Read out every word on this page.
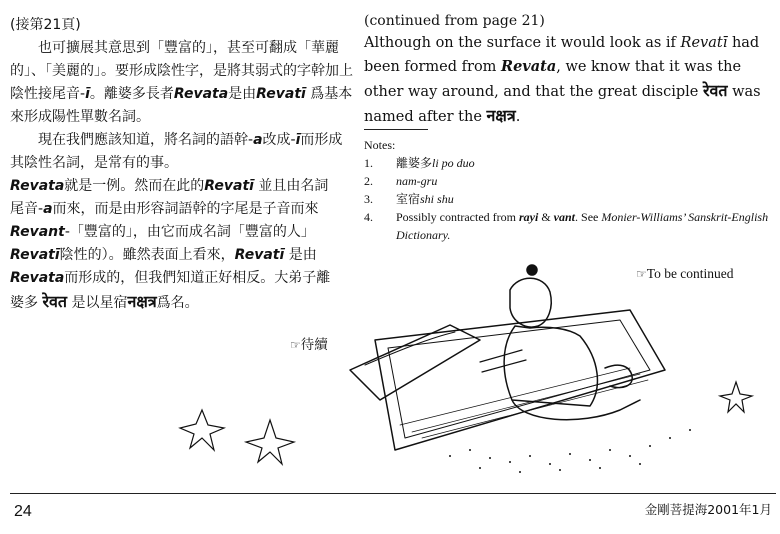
(接第21頁)

也可擴展其意思到「豐富的」，甚至可翻成「華麗的」、「美麗的」。要形成陰性字，是將其弱式的字幹加上陰性接尾音-ī。離婆多長者Revata是由Revatī 爲基本來形成陽性單數名詞。

現在我們應該知道，將名詞的語幹-a改成-ī而形成其陰性名詞，是常有的事。

Revata就是一例。然而在此的Revatī 並且由名詞尾音-a而來，而是由形容詞語幹的字尾是子音而來Revant-「豐富的」，由它而成名詞「豐富的人」Revatī陰性的）。雖然表面上看來，Revatī 是由Revata而形成的，但我們知道正好相反。大弟子離婆多 रेवत 是以星宿नक्षत्र爲名。

☞待續
(continued from page 21)

Although on the surface it would look as if Revatī had been formed from Revata, we know that it was the other way around, and that the great disciple रेवत was named after the नक्षत्र.

Notes:
1. 離婆多li po duo
2. nam-gru
3. 室宿shi shu
4. Possibly contracted from rayi & vant. See Monier-Williams’ Sanskrit-English Dictionary.
☞To be continued
24	金剛菩提海2001年1月
